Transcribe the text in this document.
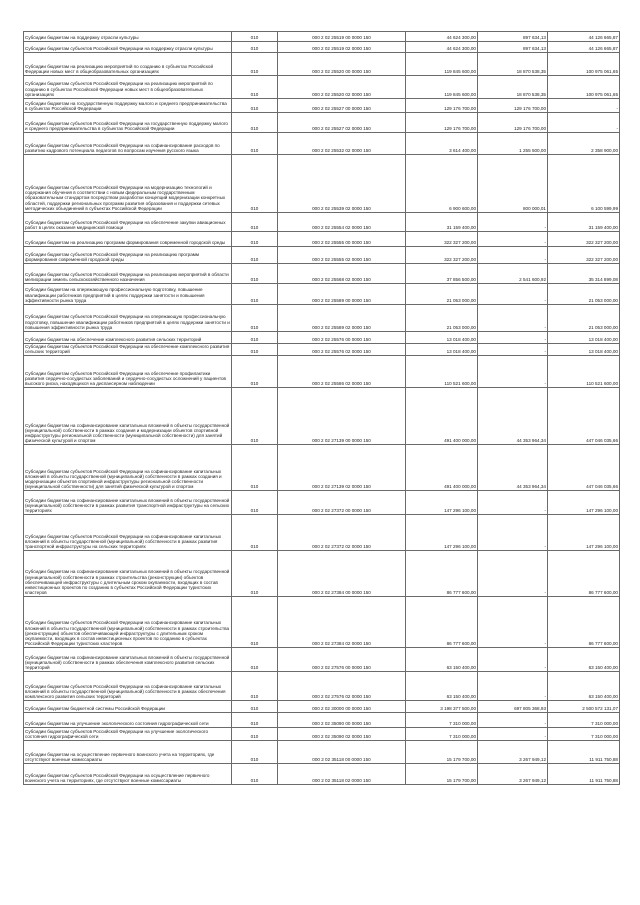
Субсидии бюджетам на поддержку отрасли культуры	010	000 2 02 25519 00 0000 150	44 624 300,00	897 634,13	44 126 665,87

Субсидии бюджетам субъектов Российской Федерации на поддержку отрасли культуры	010	000 2 02 25519 02 0000 150	44 624 300,00	897 634,13	44 126 665,87

Субсидии бюджетам на реализацию мероприятий по созданию в субъектах Российской Федерации новых мест в общеобразовательных организациях	010	000 2 02 25520 00 0000 150	119 845 600,00	18 870 538,35	100 975 061,65

Субсидии бюджетам субъектов Российской Федерации на реализацию мероприятий по созданию в субъектах Российской Федерации новых мест в общеобразовательных организациях	010	000 2 02 25520 02 0000 150	119 845 600,00	18 870 538,35	100 975 061,65

Субсидии бюджетам на государственную поддержку малого и среднего предпринимательства в субъектах Российской Федерации	010	000 2 02 25527 00 0000 150	129 176 700,00	129 176 700,00	-

Субсидии бюджетам субъектов Российской Федерации на государственную поддержку малого и среднего предпринимательства в субъектах Российской Федерации	010	000 2 02 25527 02 0000 150	129 176 700,00	129 176 700,00	-

Субсидии бюджетам субъектов Российской Федерации на софинансирование расходов по развитию кадрового потенциала педагогов по вопросам изучения русского языка	010	000 2 02 25532 02 0000 150	3 614 400,00	1 255 500,00	2 358 900,00

Субсидии бюджетам субъектов Российской Федерации на модернизацию технологий и содержания обучения в соответствии с новым федеральным государственным образовательным стандартом посредством разработки концепций модернизации конкретных областей, поддержки региональных программ развития образования и поддержки сетевых методических объединений в субъектах Российской Федерации	010	000 2 02 25539 02 0000 150	6 900 600,00	800 000,01	6 100 599,99

Субсидии бюджетам субъектов Российской Федерации на обеспечение закупки авиационных работ в целях оказания медицинской помощи	010	000 2 02 25554 02 0000 150	31 159 400,00	-	31 159 400,00

Субсидии бюджетам на реализацию программ формирования современной городской среды	010	000 2 02 25555 00 0000 150	322 327 200,00	-	322 327 200,00

Субсидии бюджетам субъектов Российской Федерации на реализацию программ формирования современной городской среды	010	000 2 02 25555 02 0000 150	322 327 200,00	-	322 327 200,00

Субсидии бюджетам субъектов Российской Федерации на реализацию мероприятий в области мелиорации земель сельскохозяйственного назначения	010	000 2 02 25568 02 0000 150	37 856 500,00	2 541 600,92	35 314 899,08

Субсидии бюджетам на опережающую профессиональную подготовку, повышение квалификации работников предприятий в целях поддержки занятости и повышения эффективности рынка труда	010	000 2 02 25589 00 0000 150	21 053 000,00	-	21 053 000,00

Субсидии бюджетам субъектов Российской Федерации на опережающую профессиональную подготовку, повышение квалификации работников предприятий в целях поддержки занятости и повышения эффективности рынка труда	010	000 2 02 25589 02 0000 150	21 053 000,00	-	21 053 000,00

Субсидии бюджетам на обеспечение комплексного развития сельских территорий	010	000 2 02 25576 00 0000 150	13 018 400,00	-	13 018 400,00

Субсидии бюджетам субъектов Российской Федерации на обеспечение комплексного развития сельских территорий	010	000 2 02 25576 02 0000 150	13 018 400,00	-	13 018 400,00

Субсидии бюджетам субъектов Российской Федерации на обеспечение профилактики развития сердечно-сосудистых заболеваний и сердечно-сосудистых осложнений у пациентов высокого риска, находящихся на диспансерном наблюдении	010	000 2 02 25586 02 0000 150	110 521 600,00	-	110 521 600,00

Субсидии бюджетам на софинансирование капитальных вложений в объекты государственной (муниципальной) собственности в рамках создания и модернизации объектов спортивной инфраструктуры региональной собственности (муниципальной собственности) для занятий физической культурой и спортом	010	000 2 02 27139 00 0000 150	491 400 000,00	44 353 964,34	447 046 035,66

Субсидии бюджетам субъектов Российской Федерации на софинансирование капитальных вложений в объекты государственной (муниципальной) собственности в рамках создания и модернизации объектов спортивной инфраструктуры региональной собственности (муниципальной собственности) для занятий физической культурой и спортом	010	000 2 02 27139 02 0000 150	491 400 000,00	44 353 964,34	447 046 035,66

Субсидии бюджетам на софинансирование капитальных вложений в объекты государственной (муниципальной) собственности в рамках развития транспортной инфраструктуры на сельских территориях	010	000 2 02 27372 00 0000 150	147 296 100,00	-	147 296 100,00

Субсидии бюджетам субъектов Российской Федерации на софинансирование капитальных вложений в объекты государственной (муниципальной) собственности в рамках развития транспортной инфраструктуры на сельских территориях	010	000 2 02 27372 02 0000 150	147 296 100,00	-	147 296 100,00

Субсидии бюджетам на софинансирование капитальных вложений в объекты государственной (муниципальной) собственности в рамках строительства (реконструкции) объектов обеспечивающей инфраструктуры с длительным сроком окупаемости, входящих в состав инвестиционных проектов по созданию в субъектах Российской Федерации туристских кластеров	010	000 2 02 27384 00 0000 150	86 777 600,00	-	86 777 600,00

Субсидии бюджетам субъектов Российской Федерации на софинансирование капитальных вложений в объекты государственной (муниципальной) собственности в рамках строительства (реконструкции) объектов обеспечивающей инфраструктуры с длительным сроком окупаемости, входящих в состав инвестиционных проектов по созданию в субъектах Российской Федерации туристских кластеров	010	000 2 02 27384 02 0000 150	86 777 600,00	-	86 777 600,00

Субсидии бюджетам на софинансирование капитальных вложений в объекты государственной (муниципальной) собственности в рамках обеспечения комплексного развития сельских территорий	010	000 2 02 27576 00 0000 150	63 150 400,00	-	63 150 400,00

Субсидии бюджетам субъектов Российской Федерации на софинансирование капитальных вложений в объекты государственной (муниципальной) собственности в рамках обеспечения комплексного развития сельских территорий	010	000 2 02 27576 02 0000 150	63 150 400,00	-	63 150 400,00

Субсидии бюджетам бюджетной системы Российской Федерации	010	000 2 02 30000 00 0000 150	3 198 377 500,00	697 805 368,93	2 500 572 131,07

Субсидии бюджетам на улучшение экологического состояния гидрографической сети	010	000 2 02 35090 00 0000 150	7 310 000,00	-	7 310 000,00

Субсидии бюджетам субъектов Российской Федерации на улучшение экологического состояния гидрографической сети	010	000 2 02 35090 02 0000 150	7 310 000,00	-	7 310 000,00

Субсидии бюджетам на осуществление первичного воинского учета на территориях, где отсутствуют военные комиссариаты	010	000 2 02 35118 00 0000 150	15 179 700,00	3 267 949,12	11 911 750,88

Субсидии бюджетам субъектов Российской Федерации на осуществление первичного воинского учета на территориях, где отсутствуют военные комиссариаты	010	000 2 02 35118 02 0000 150	15 179 700,00	3 267 949,12	11 911 750,88
